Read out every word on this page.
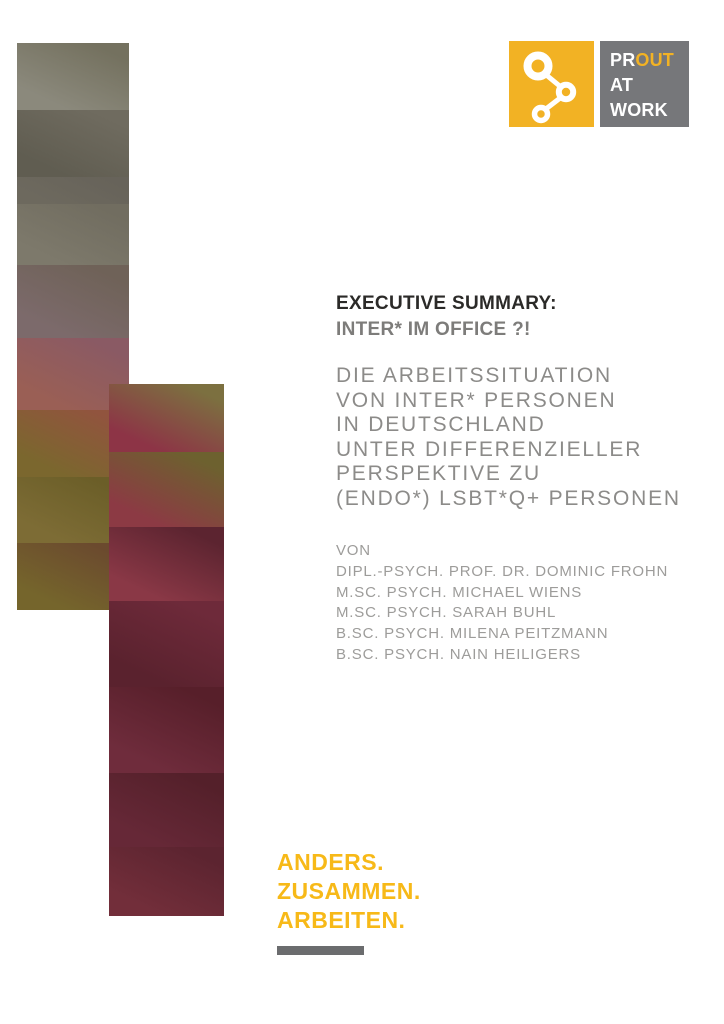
PROUT
AT
WORK
EXECUTIVE SUMMARY:
INTER* IM OFFICE ?!
DIE ARBEITSSITUATION
VON INTER* PERSONEN
IN DEUTSCHLAND
UNTER DIFFERENZIELLER
PERSPEKTIVE ZU
(ENDO*) LSBT*Q+ PERSONEN
VON
DIPL.-PSYCH. PROF. DR. DOMINIC FROHN
M.SC. PSYCH. MICHAEL WIENS
M.SC. PSYCH. SARAH BUHL
B.SC. PSYCH. MILENA PEITZMANN
B.SC. PSYCH. NAIN HEILIGERS
ANDERS.
ZUSAMMEN.
ARBEITEN.
